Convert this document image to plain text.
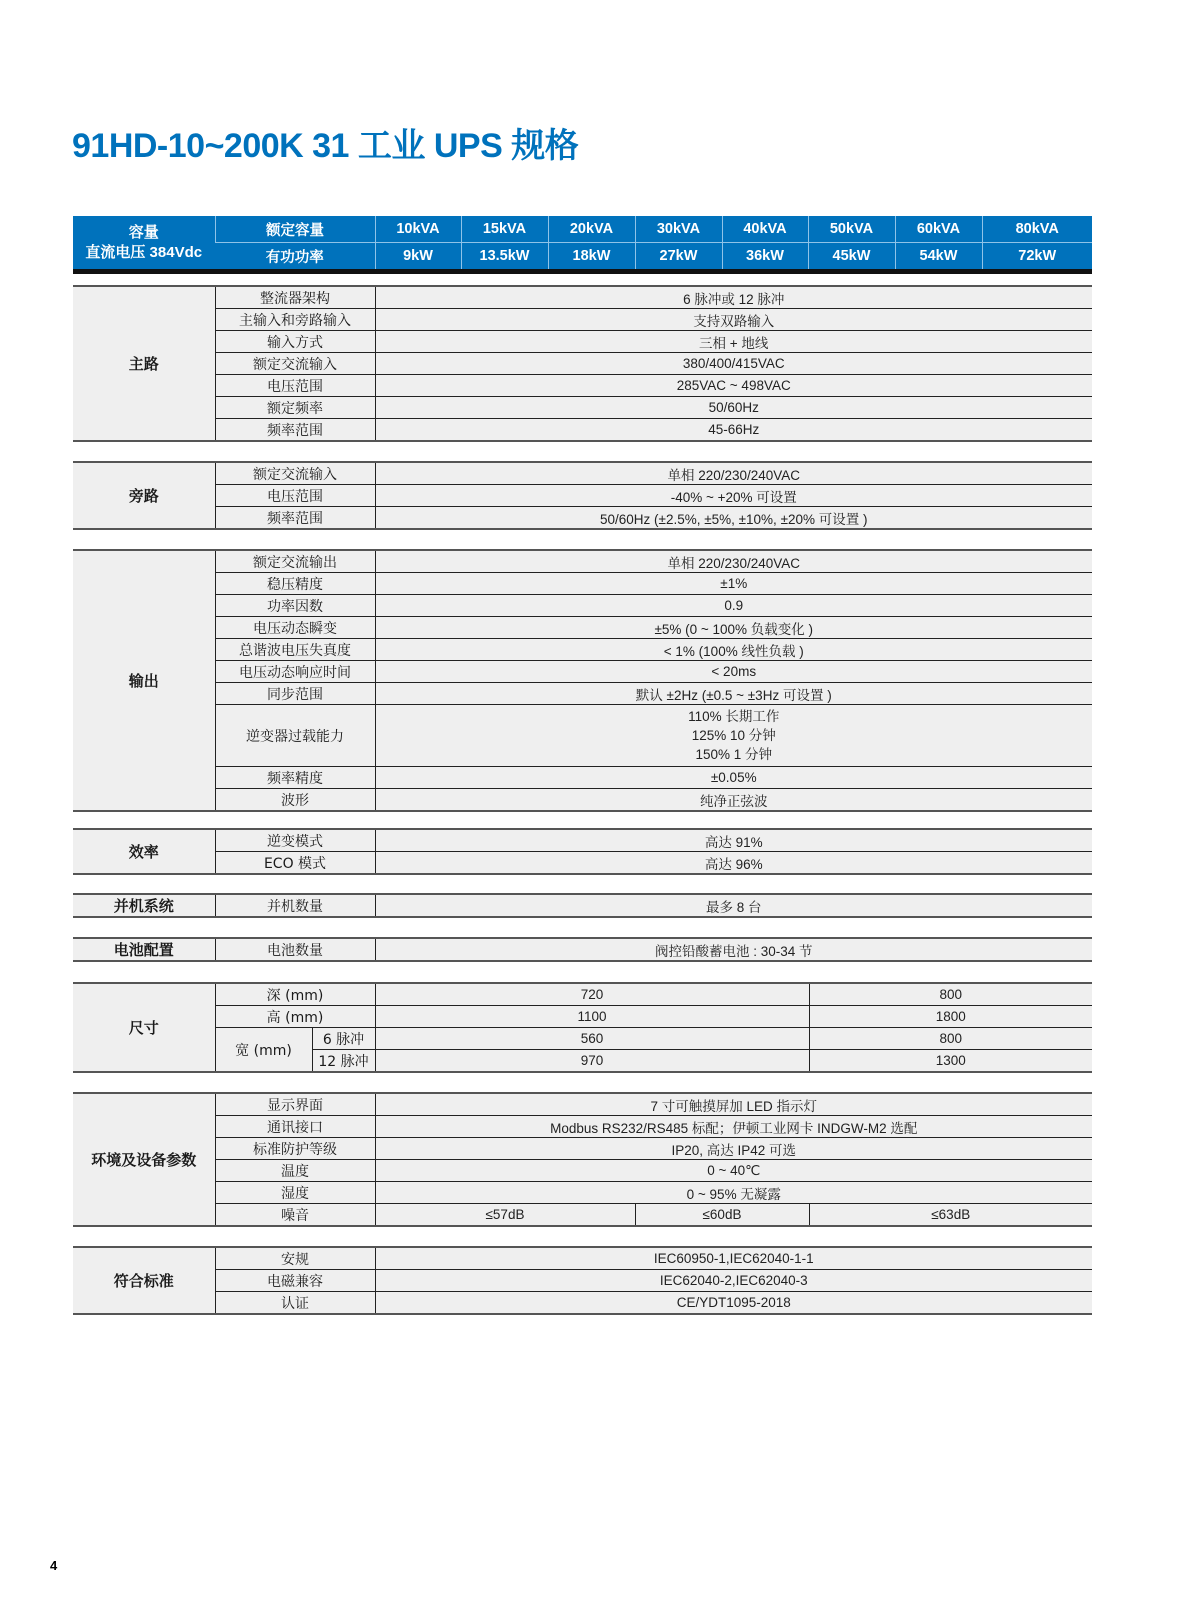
91HD-10~200K 31 工业 UPS 规格
容量
直流电压 384Vdc	额定容量	10kVA	15kVA	20kVA	30kVA	40kVA	50kVA	60kVA	80kVA
	有功功率	9kW	13.5kW	18kW	27kW	36kW	45kW	54kW	72kW
主路	整流器架构	6 脉冲或 12 脉冲
	主输入和旁路输入	支持双路输入
	输入方式	三相 + 地线
	额定交流输入	380/400/415VAC
	电压范围	285VAC ~ 498VAC
	额定频率	50/60Hz
	频率范围	45-66Hz
旁路	额定交流输入	单相 220/230/240VAC
	电压范围	-40% ~ +20% 可设置
	频率范围	50/60Hz (±2.5%, ±5%, ±10%, ±20% 可设置 )
输出	额定交流输出	单相 220/230/240VAC
	稳压精度	±1%
	功率因数	0.9
	电压动态瞬变	±5% (0 ~ 100% 负载变化 )
	总谐波电压失真度	< 1% (100% 线性负载 )
	电压动态响应时间	< 20ms
	同步范围	默认 ±2Hz (±0.5 ~ ±3Hz 可设置 )
	逆变器过载能力	110% 长期工作
125% 10 分钟
150% 1 分钟

	频率精度	±0.05%
	波形	纯净正弦波
效率	逆变模式	高达 91%
	ECO 模式	高达 96%
并机系统	并机数量	最多 8 台
电池配置	电池数量	阀控铅酸蓄电池 : 30-34 节
尺寸	深 (mm)		720	800
	高 (mm)		1100	1800
	宽 (mm)	6 脉冲	560	800
		12 脉冲	970	1300
环境及设备参数	显示界面	7 寸可触摸屏加 LED 指示灯		
	通讯接口	Modbus RS232/RS485 标配；伊顿工业网卡 INDGW-M2 选配		
	标准防护等级	IP20, 高达 IP42 可选		
	温度	0 ~ 40℃		
	湿度	0 ~ 95% 无凝露		
	噪音	≤57dB	≤60dB	≤63dB
符合标准	安规	IEC60950-1,IEC62040-1-1
	电磁兼容	IEC62040-2,IEC62040-3
	认证	CE/YDT1095-2018
4
